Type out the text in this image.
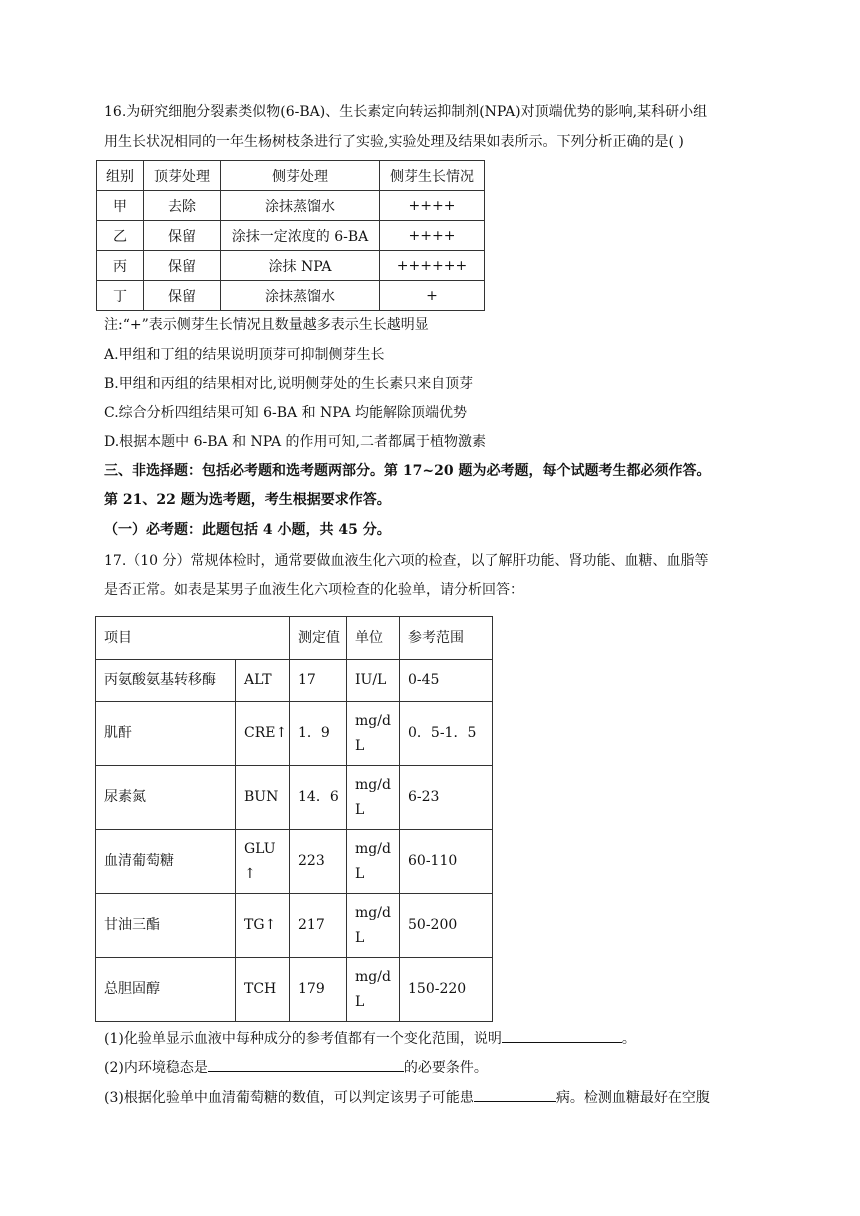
16.为研究细胞分裂素类似物(6-BA)、生长素定向转运抑制剂(NPA)对顶端优势的影响,某科研小组
用生长状况相同的一年生杨树枝条进行了实验,实验处理及结果如表所示。下列分析正确的是( )
组别	顶芽处理	侧芽处理	侧芽生长情况
甲	去除	涂抹蒸馏水	++++
乙	保留	涂抹一定浓度的 6-BA	++++
丙	保留	涂抹 NPA	++++++
丁	保留	涂抹蒸馏水	+
注:“+”表示侧芽生长情况且数量越多表示生长越明显
A.甲组和丁组的结果说明顶芽可抑制侧芽生长
B.甲组和丙组的结果相对比,说明侧芽处的生长素只来自顶芽
C.综合分析四组结果可知 6-BA 和 NPA 均能解除顶端优势
D.根据本题中 6-BA 和 NPA 的作用可知,二者都属于植物激素
三、非选择题：包括必考题和选考题两部分。第 17~20 题为必考题，每个试题考生都必须作答。
第 21、22 题为选考题，考生根据要求作答。
（一）必考题：此题包括 4 小题，共 45 分。
17.（10 分）常规体检时，通常要做血液生化六项的检查，以了解肝功能、肾功能、血糖、血脂等
是否正常。如表是某男子血液生化六项检查的化验单，请分析回答：
项目		测定值	单位	参考范围
丙氨酸氨基转移酶	ALT	17	IU/L	0-45
肌酐	CRE↑	1．9	mg/dL	0．5-1．5
尿素氮	BUN	14．6	mg/dL	6-23
血清葡萄糖	GLU↑	223	mg/dL	60-110
甘油三酯	TG↑	217	mg/dL	50-200
总胆固醇	TCH	179	mg/dL	150-220
(1)化验单显示血液中每种成分的参考值都有一个变化范围，说明	。
(2)内环境稳态是	的必要条件。
(3)根据化验单中血清葡萄糖的数值，可以判定该男子可能患	病。检测血糖最好在空腹
